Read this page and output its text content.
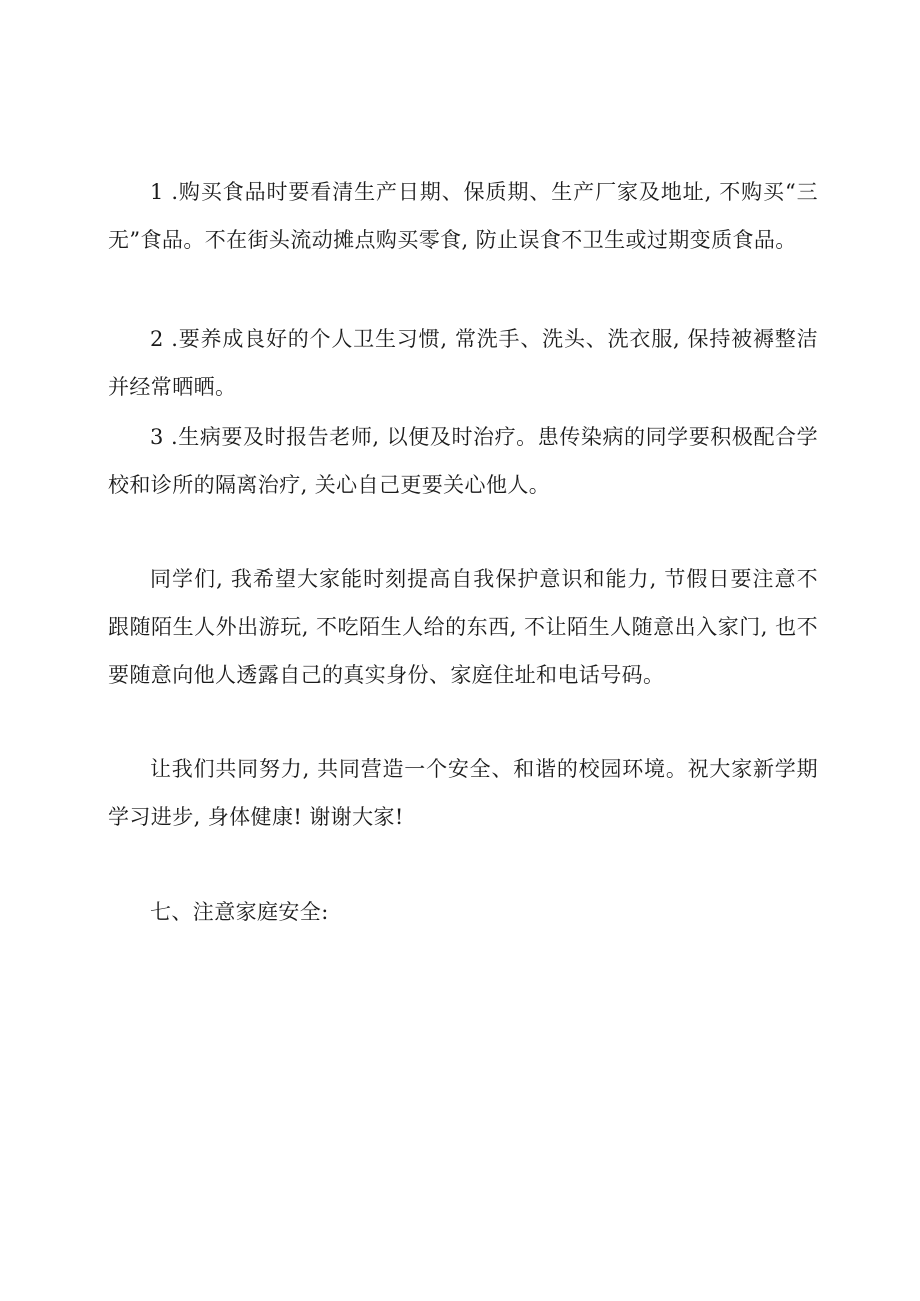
1 .购买食品时要看清生产日期、保质期、生产厂家及地址, 不购买“三无”食品。不在街头流动摊点购买零食, 防止误食不卫生或过期变质食品。

2 .要养成良好的个人卫生习惯, 常洗手、洗头、洗衣服, 保持被褥整洁并经常晒晒。

3 .生病要及时报告老师, 以便及时治疗。患传染病的同学要积极配合学校和诊所的隔离治疗, 关心自己更要关心他人。

同学们, 我希望大家能时刻提高自我保护意识和能力, 节假日要注意不跟随陌生人外出游玩, 不吃陌生人给的东西, 不让陌生人随意出入家门, 也不要随意向他人透露自己的真实身份、家庭住址和电话号码。

让我们共同努力, 共同营造一个安全、和谐的校园环境。祝大家新学期学习进步, 身体健康! 谢谢大家!

七、注意家庭安全:
